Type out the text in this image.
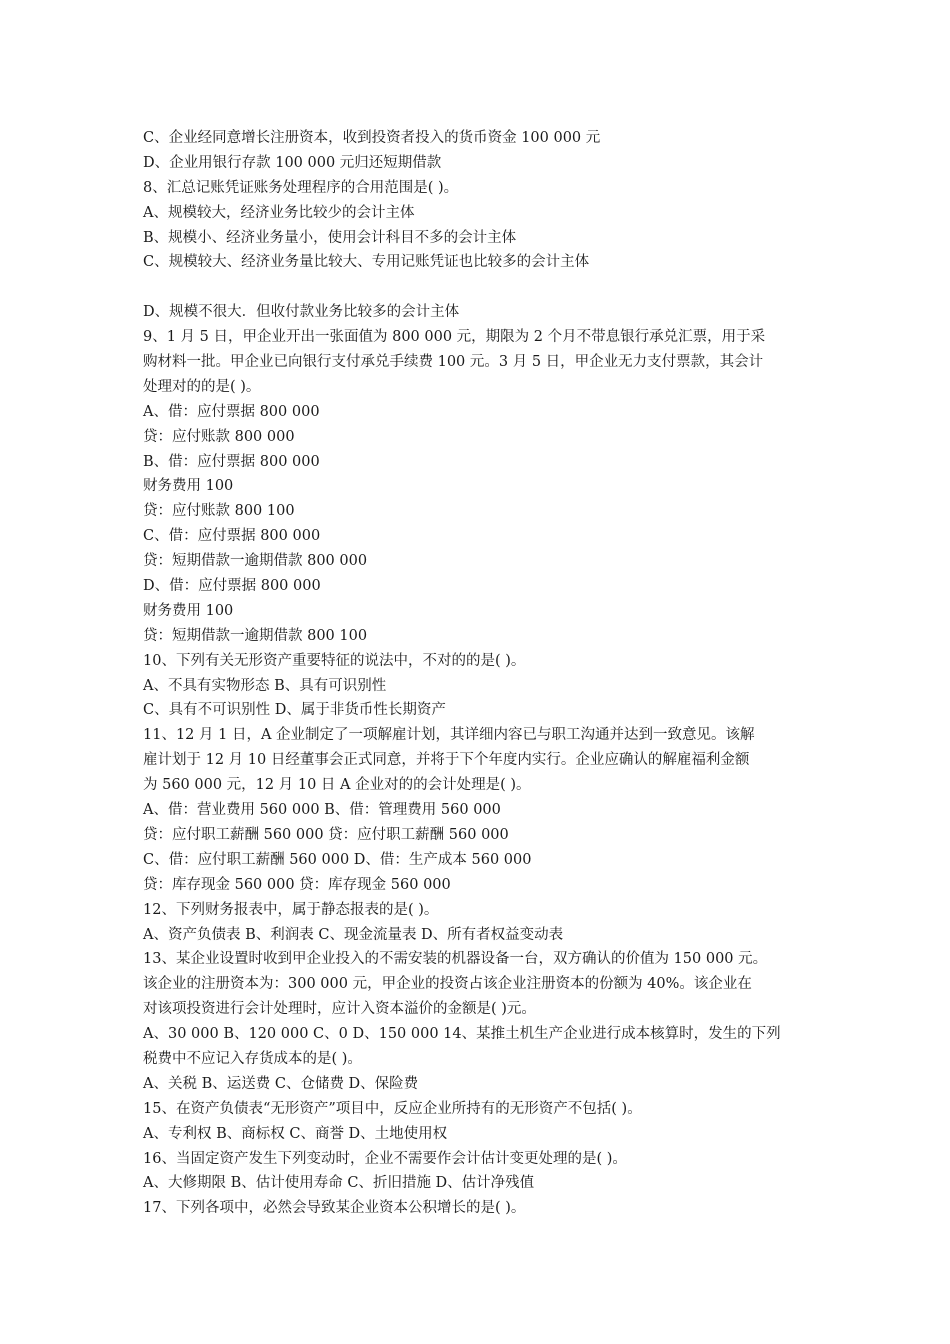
C、企业经同意增长注册资本，收到投资者投入的货币资金 100 000 元
D、企业用银行存款 100 000 元归还短期借款
8、汇总记账凭证账务处理程序的合用范围是( )。
A、规模较大，经济业务比较少的会计主体
B、规模小、经济业务量小，使用会计科目不多的会计主体
C、规模较大、经济业务量比较大、专用记账凭证也比较多的会计主体
D、规模不很大．但收付款业务比较多的会计主体
9、1 月 5 日，甲企业开出一张面值为 800 000 元，期限为 2 个月不带息银行承兑汇票，用于采
购材料一批。甲企业已向银行支付承兑手续费 100 元。3 月 5 日，甲企业无力支付票款，其会计
处理对的的是( )。
A、借：应付票据 800 000
贷：应付账款 800 000
B、借：应付票据 800 000
财务费用 100
贷：应付账款 800 100
C、借：应付票据 800 000
贷：短期借款一逾期借款 800 000
D、借：应付票据 800 000
财务费用 100
贷：短期借款一逾期借款 800 100
10、下列有关无形资产重要特征的说法中，不对的的是( )。
A、不具有实物形态 B、具有可识别性
C、具有不可识别性 D、属于非货币性长期资产
11、12 月 1 日，A 企业制定了一项解雇计划，其详细内容已与职工沟通并达到一致意见。该解
雇计划于 12 月 10 日经董事会正式同意，并将于下个年度内实行。企业应确认的解雇福利金额
为 560 000 元，12 月 10 日 A 企业对的的会计处理是( )。
A、借：营业费用 560 000 B、借：管理费用 560 000
贷：应付职工薪酬 560 000 贷：应付职工薪酬 560 000
C、借：应付职工薪酬 560 000 D、借：生产成本 560 000
贷：库存现金 560 000 贷：库存现金 560 000
12、下列财务报表中，属于静态报表的是( )。
A、资产负债表 B、利润表 C、现金流量表 D、所有者权益变动表
13、某企业设置时收到甲企业投入的不需安装的机器设备一台，双方确认的价值为 150 000 元。
该企业的注册资本为：300 000 元，甲企业的投资占该企业注册资本的份额为 40%。该企业在
对该项投资进行会计处理时，应计入资本溢价的金额是( )元。
A、30 000 B、120 000 C、0 D、150 000 14、某推土机生产企业进行成本核算时，发生的下列
税费中不应记入存货成本的是( )。
A、关税 B、运送费 C、仓储费 D、保险费
15、在资产负债表“无形资产”项目中，反应企业所持有的无形资产不包括( )。
A、专利权 B、商标权 C、商誉 D、土地使用权
16、当固定资产发生下列变动时，企业不需要作会计估计变更处理的是( )。
A、大修期限 B、估计使用寿命 C、折旧措施 D、估计净残值
17、下列各项中，必然会导致某企业资本公积增长的是( )。
